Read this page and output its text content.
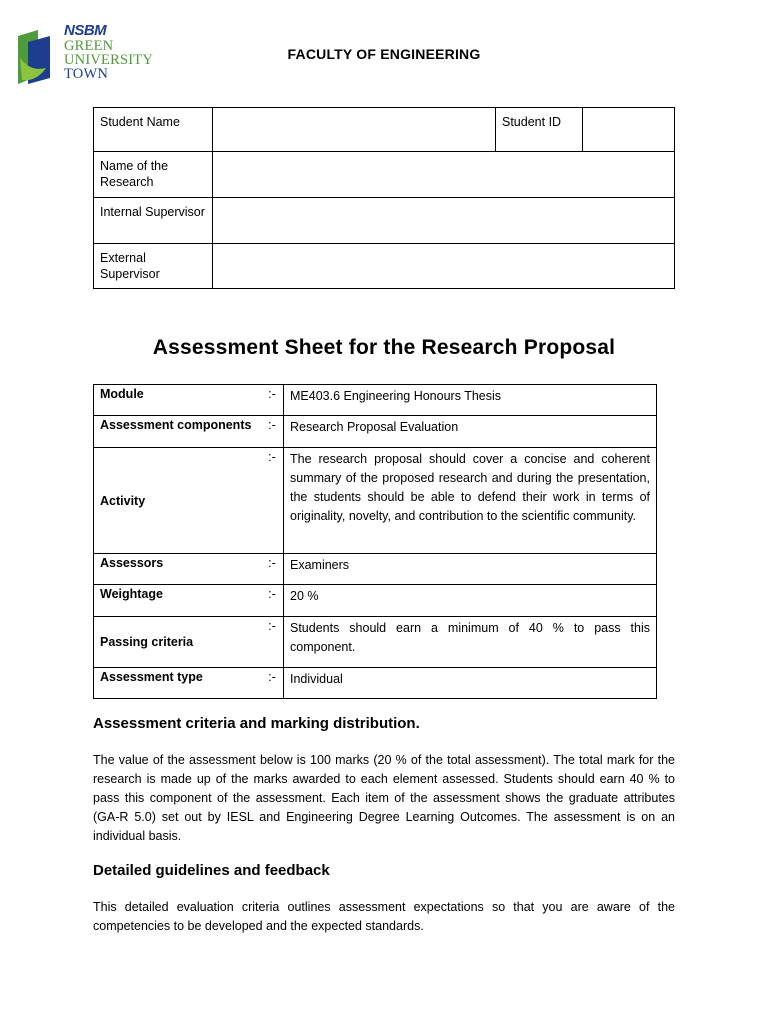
NSBM
GREEN
UNIVERSITY
TOWN
FACULTY OF ENGINEERING
Student Name		Student ID	
Name of the Research			
Internal Supervisor			
External Supervisor			
Assessment Sheet for the Research Proposal
Module	:-	ME403.6 Engineering Honours Thesis
Assessment components	:-	Research Proposal Evaluation
Activity	:-	The research proposal should cover a concise and coherent summary of the proposed research and during the presentation, the students should be able to defend their work in terms of originality, novelty, and contribution to the scientific community.
Assessors	:-	Examiners
Weightage	:-	20 %
Passing criteria	:-	Students should earn a minimum of 40 % to pass this component.
Assessment type	:-	Individual
Assessment criteria and marking distribution.

The value of the assessment below is 100 marks (20 % of the total assessment). The total mark for the research is made up of the marks awarded to each element assessed. Students should earn 40 % to pass this component of the assessment. Each item of the assessment shows the graduate attributes (GA-R 5.0) set out by IESL and Engineering Degree Learning Outcomes. The assessment is on an individual basis.

Detailed guidelines and feedback

This detailed evaluation criteria outlines assessment expectations so that you are aware of the competencies to be developed and the expected standards.
